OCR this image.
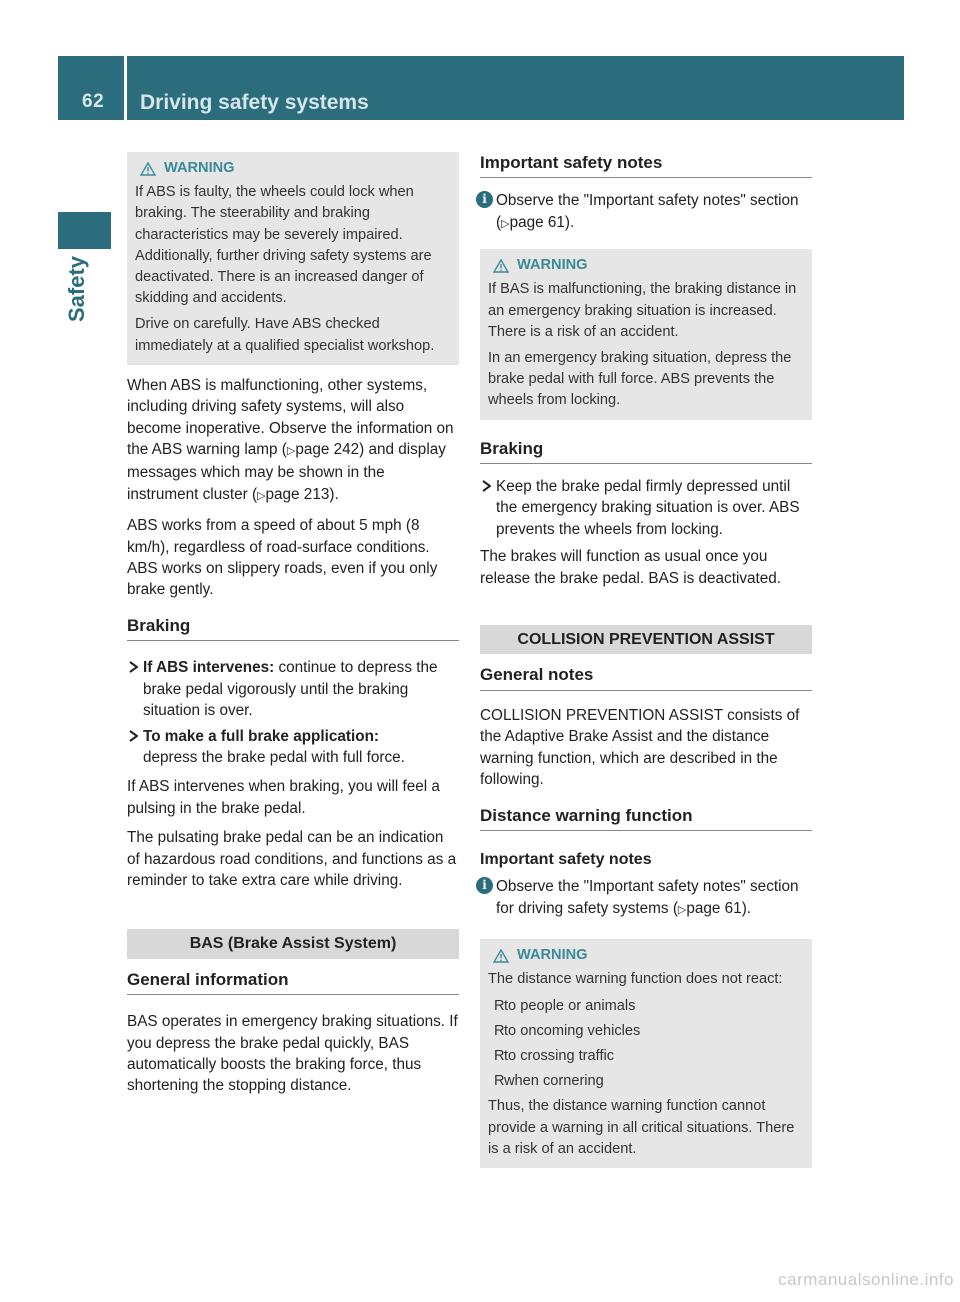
62 Driving safety systems
Safety
WARNING

If ABS is faulty, the wheels could lock when braking. The steerability and braking characteristics may be severely impaired. Additionally, further driving safety systems are deactivated. There is an increased danger of skidding and accidents.

Drive on carefully. Have ABS checked immediately at a qualified specialist workshop.

When ABS is malfunctioning, other systems, including driving safety systems, will also become inoperative. Observe the information on the ABS warning lamp (▷page 242) and display messages which may be shown in the instrument cluster (▷page 213).

ABS works from a speed of about 5 mph (8 km/h), regardless of road-surface conditions. ABS works on slippery roads, even if you only brake gently.

Braking
If ABS intervenes: continue to depress the brake pedal vigorously until the braking situation is over.
To make a full brake application:
depress the brake pedal with full force.

If ABS intervenes when braking, you will feel a pulsing in the brake pedal.

The pulsating brake pedal can be an indication of hazardous road conditions, and functions as a reminder to take extra care while driving.

BAS (Brake Assist System)
General information

BAS operates in emergency braking situations. If you depress the brake pedal quickly, BAS automatically boosts the braking force, thus shortening the stopping distance.

Important safety notes
i Observe the "Important safety notes" section (▷page 61).
WARNING

If BAS is malfunctioning, the braking distance in an emergency braking situation is increased. There is a risk of an accident.

In an emergency braking situation, depress the brake pedal with full force. ABS prevents the wheels from locking.

Braking
Keep the brake pedal firmly depressed until the emergency braking situation is over. ABS prevents the wheels from locking.

The brakes will function as usual once you release the brake pedal. BAS is deactivated.

COLLISION PREVENTION ASSIST
General notes

COLLISION PREVENTION ASSIST consists of the Adaptive Brake Assist and the distance warning function, which are described in the following.

Distance warning function
Important safety notes
i Observe the "Important safety notes" section for driving safety systems (▷page 61).
WARNING

The distance warning function does not react:

R to people or animals
R to oncoming vehicles
R to crossing traffic
R when cornering

Thus, the distance warning function cannot provide a warning in all critical situations. There is a risk of an accident.

carmanualsonline.info
